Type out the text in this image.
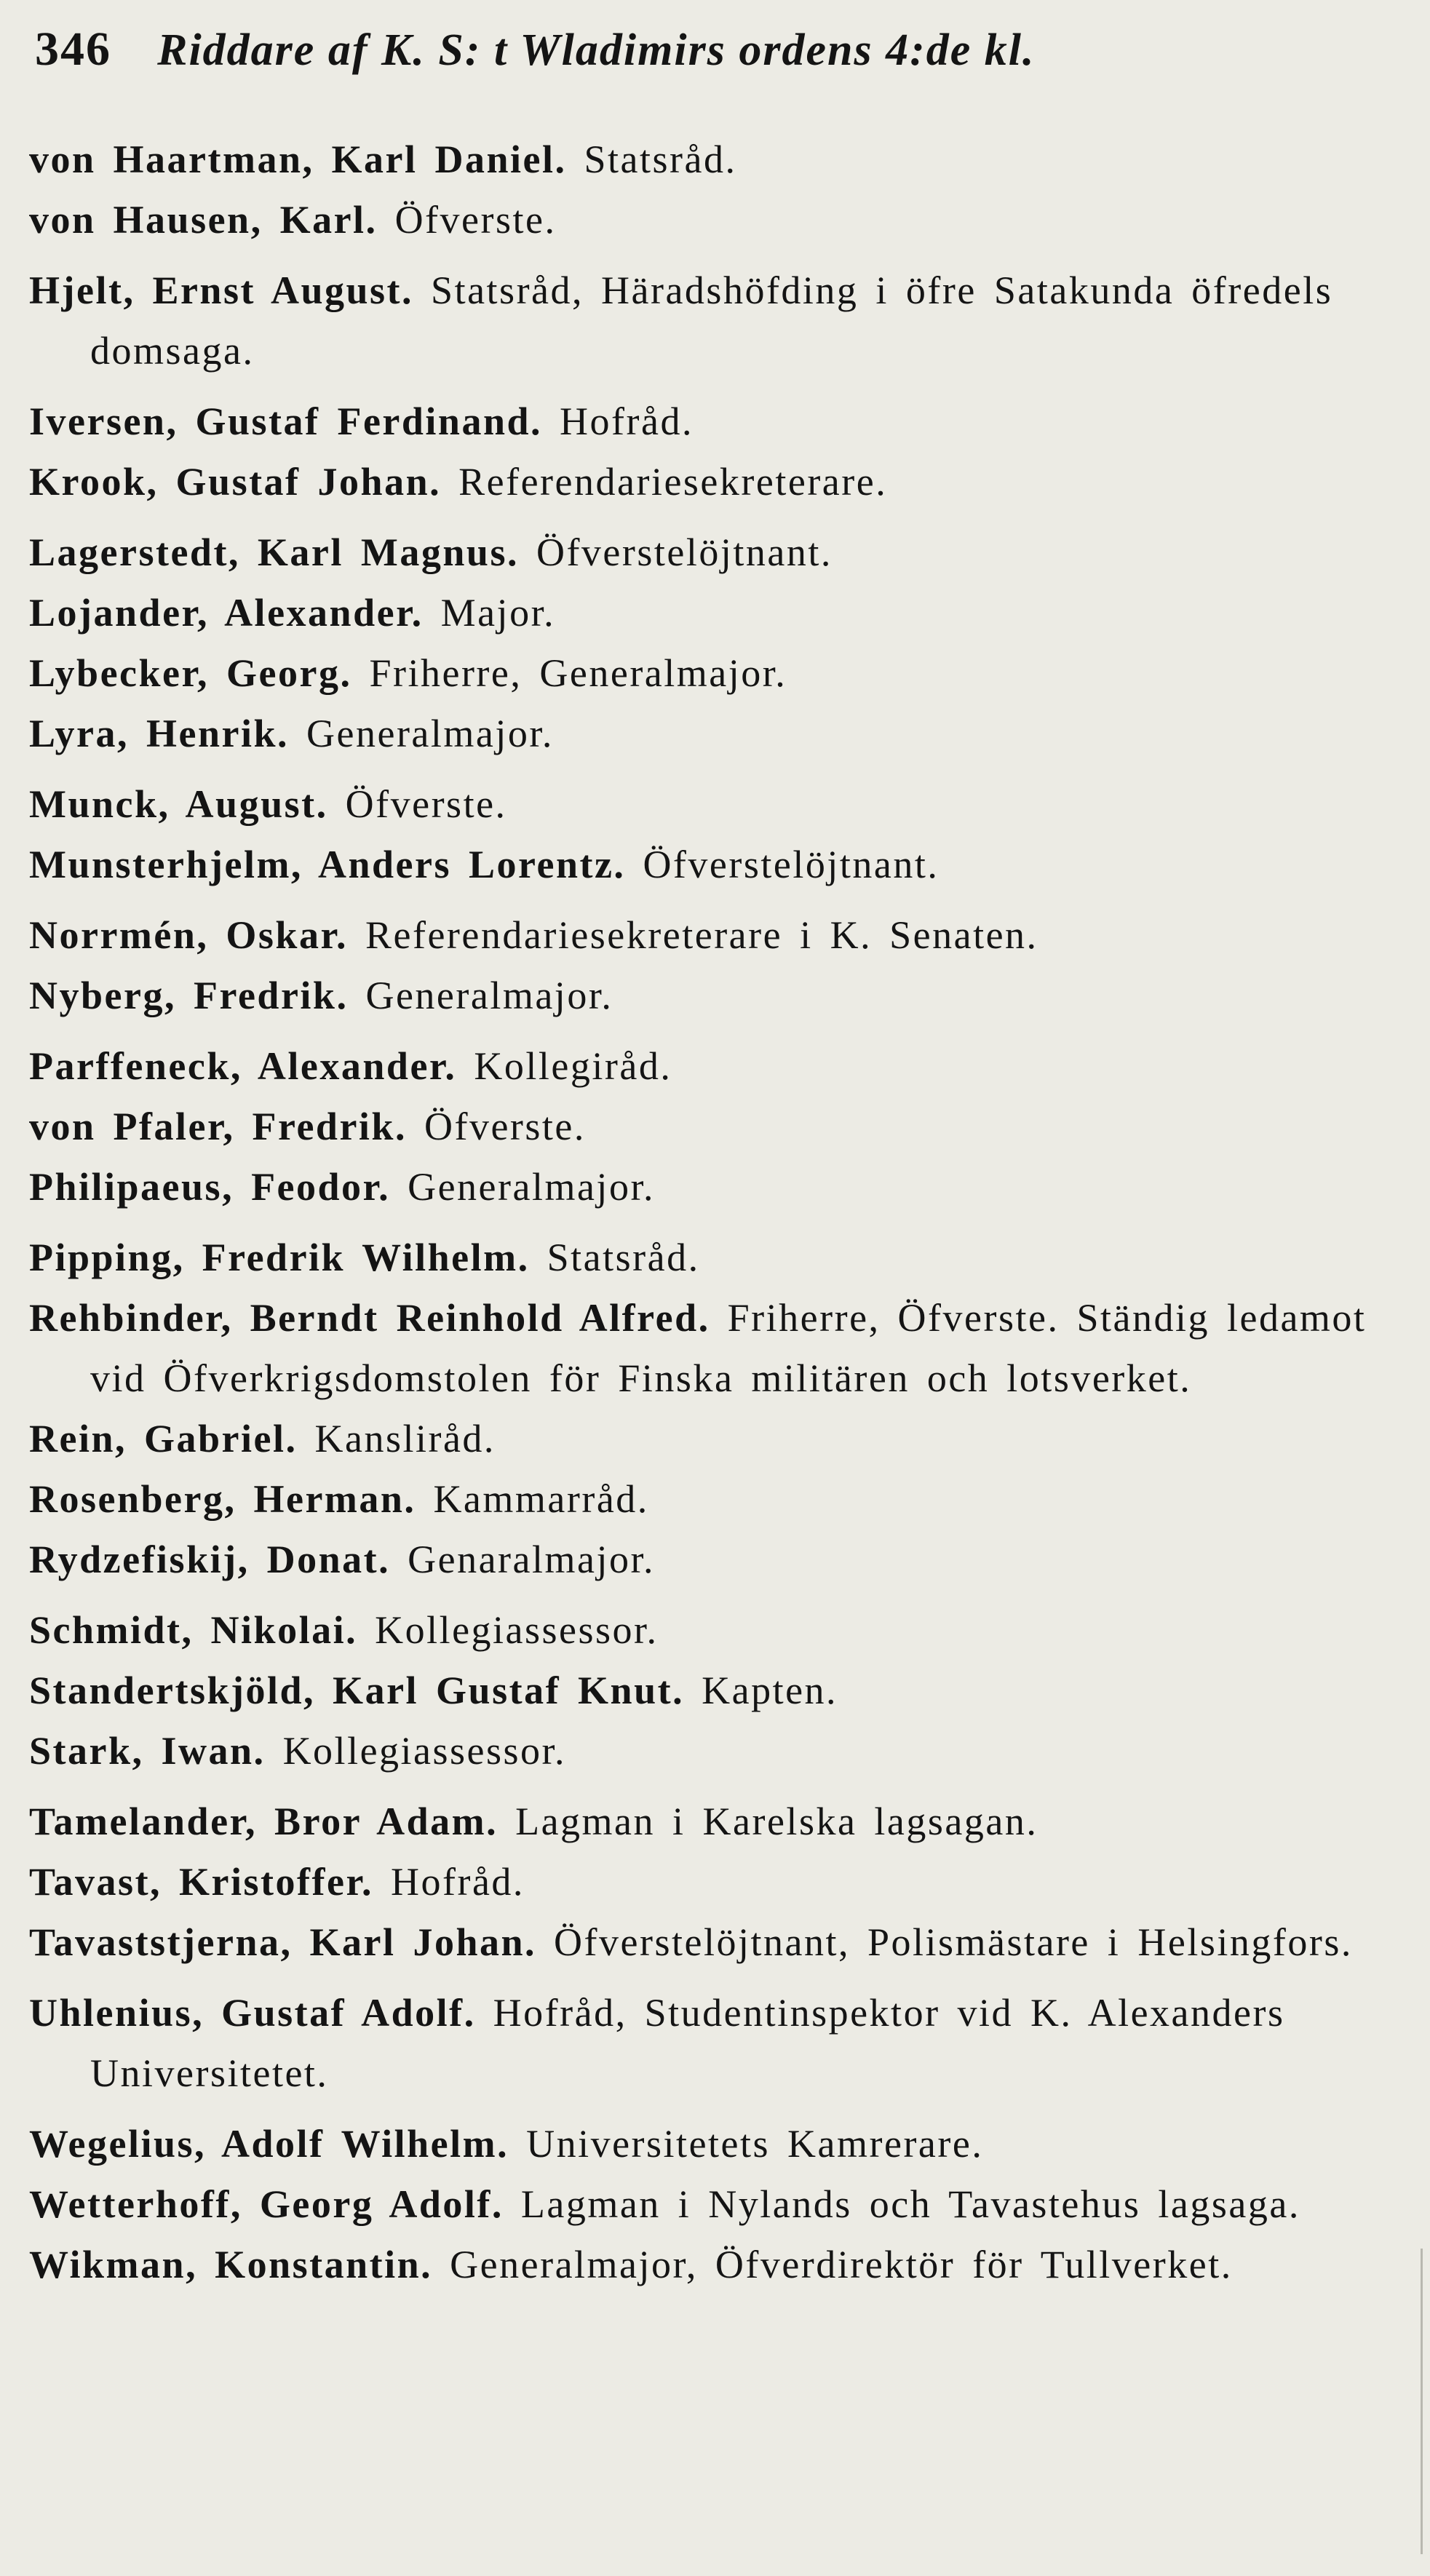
346 Riddare af K. S: t Wladimirs ordens 4:de kl.
von Haartman, Karl Daniel. Statsråd.
von Hausen, Karl. Öfverste.
Hjelt, Ernst August. Statsråd, Häradshöfding i öfre Satakunda öfredels domsaga.
Iversen, Gustaf Ferdinand. Hofråd.
Krook, Gustaf Johan. Referendariesekreterare.
Lagerstedt, Karl Magnus. Öfverstelöjtnant.
Lojander, Alexander. Major.
Lybecker, Georg. Friherre, Generalmajor.
Lyra, Henrik. Generalmajor.
Munck, August. Öfverste.
Munsterhjelm, Anders Lorentz. Öfverstelöjtnant.
Norrmén, Oskar. Referendariesekreterare i K. Senaten.
Nyberg, Fredrik. Generalmajor.
Parffeneck, Alexander. Kollegiråd.
von Pfaler, Fredrik. Öfverste.
Philipaeus, Feodor. Generalmajor.
Pipping, Fredrik Wilhelm. Statsråd.
Rehbinder, Berndt Reinhold Alfred. Friherre, Öfverste. Ständig ledamot vid Öfverkrigsdomstolen för Finska militären och lotsverket.
Rein, Gabriel. Kansliråd.
Rosenberg, Herman. Kammarråd.
Rydzefiskij, Donat. Genaralmajor.
Schmidt, Nikolai. Kollegiassessor.
Standertskjöld, Karl Gustaf Knut. Kapten.
Stark, Iwan. Kollegiassessor.
Tamelander, Bror Adam. Lagman i Karelska lagsagan.
Tavast, Kristoffer. Hofråd.
Tavaststjerna, Karl Johan. Öfverstelöjtnant, Polismästare i Helsingfors.
Uhlenius, Gustaf Adolf. Hofråd, Studentinspektor vid K. Alexanders Universitetet.
Wegelius, Adolf Wilhelm. Universitetets Kamrerare.
Wetterhoff, Georg Adolf. Lagman i Nylands och Tavastehus lagsaga.
Wikman, Konstantin. Generalmajor, Öfverdirektör för Tullverket.
